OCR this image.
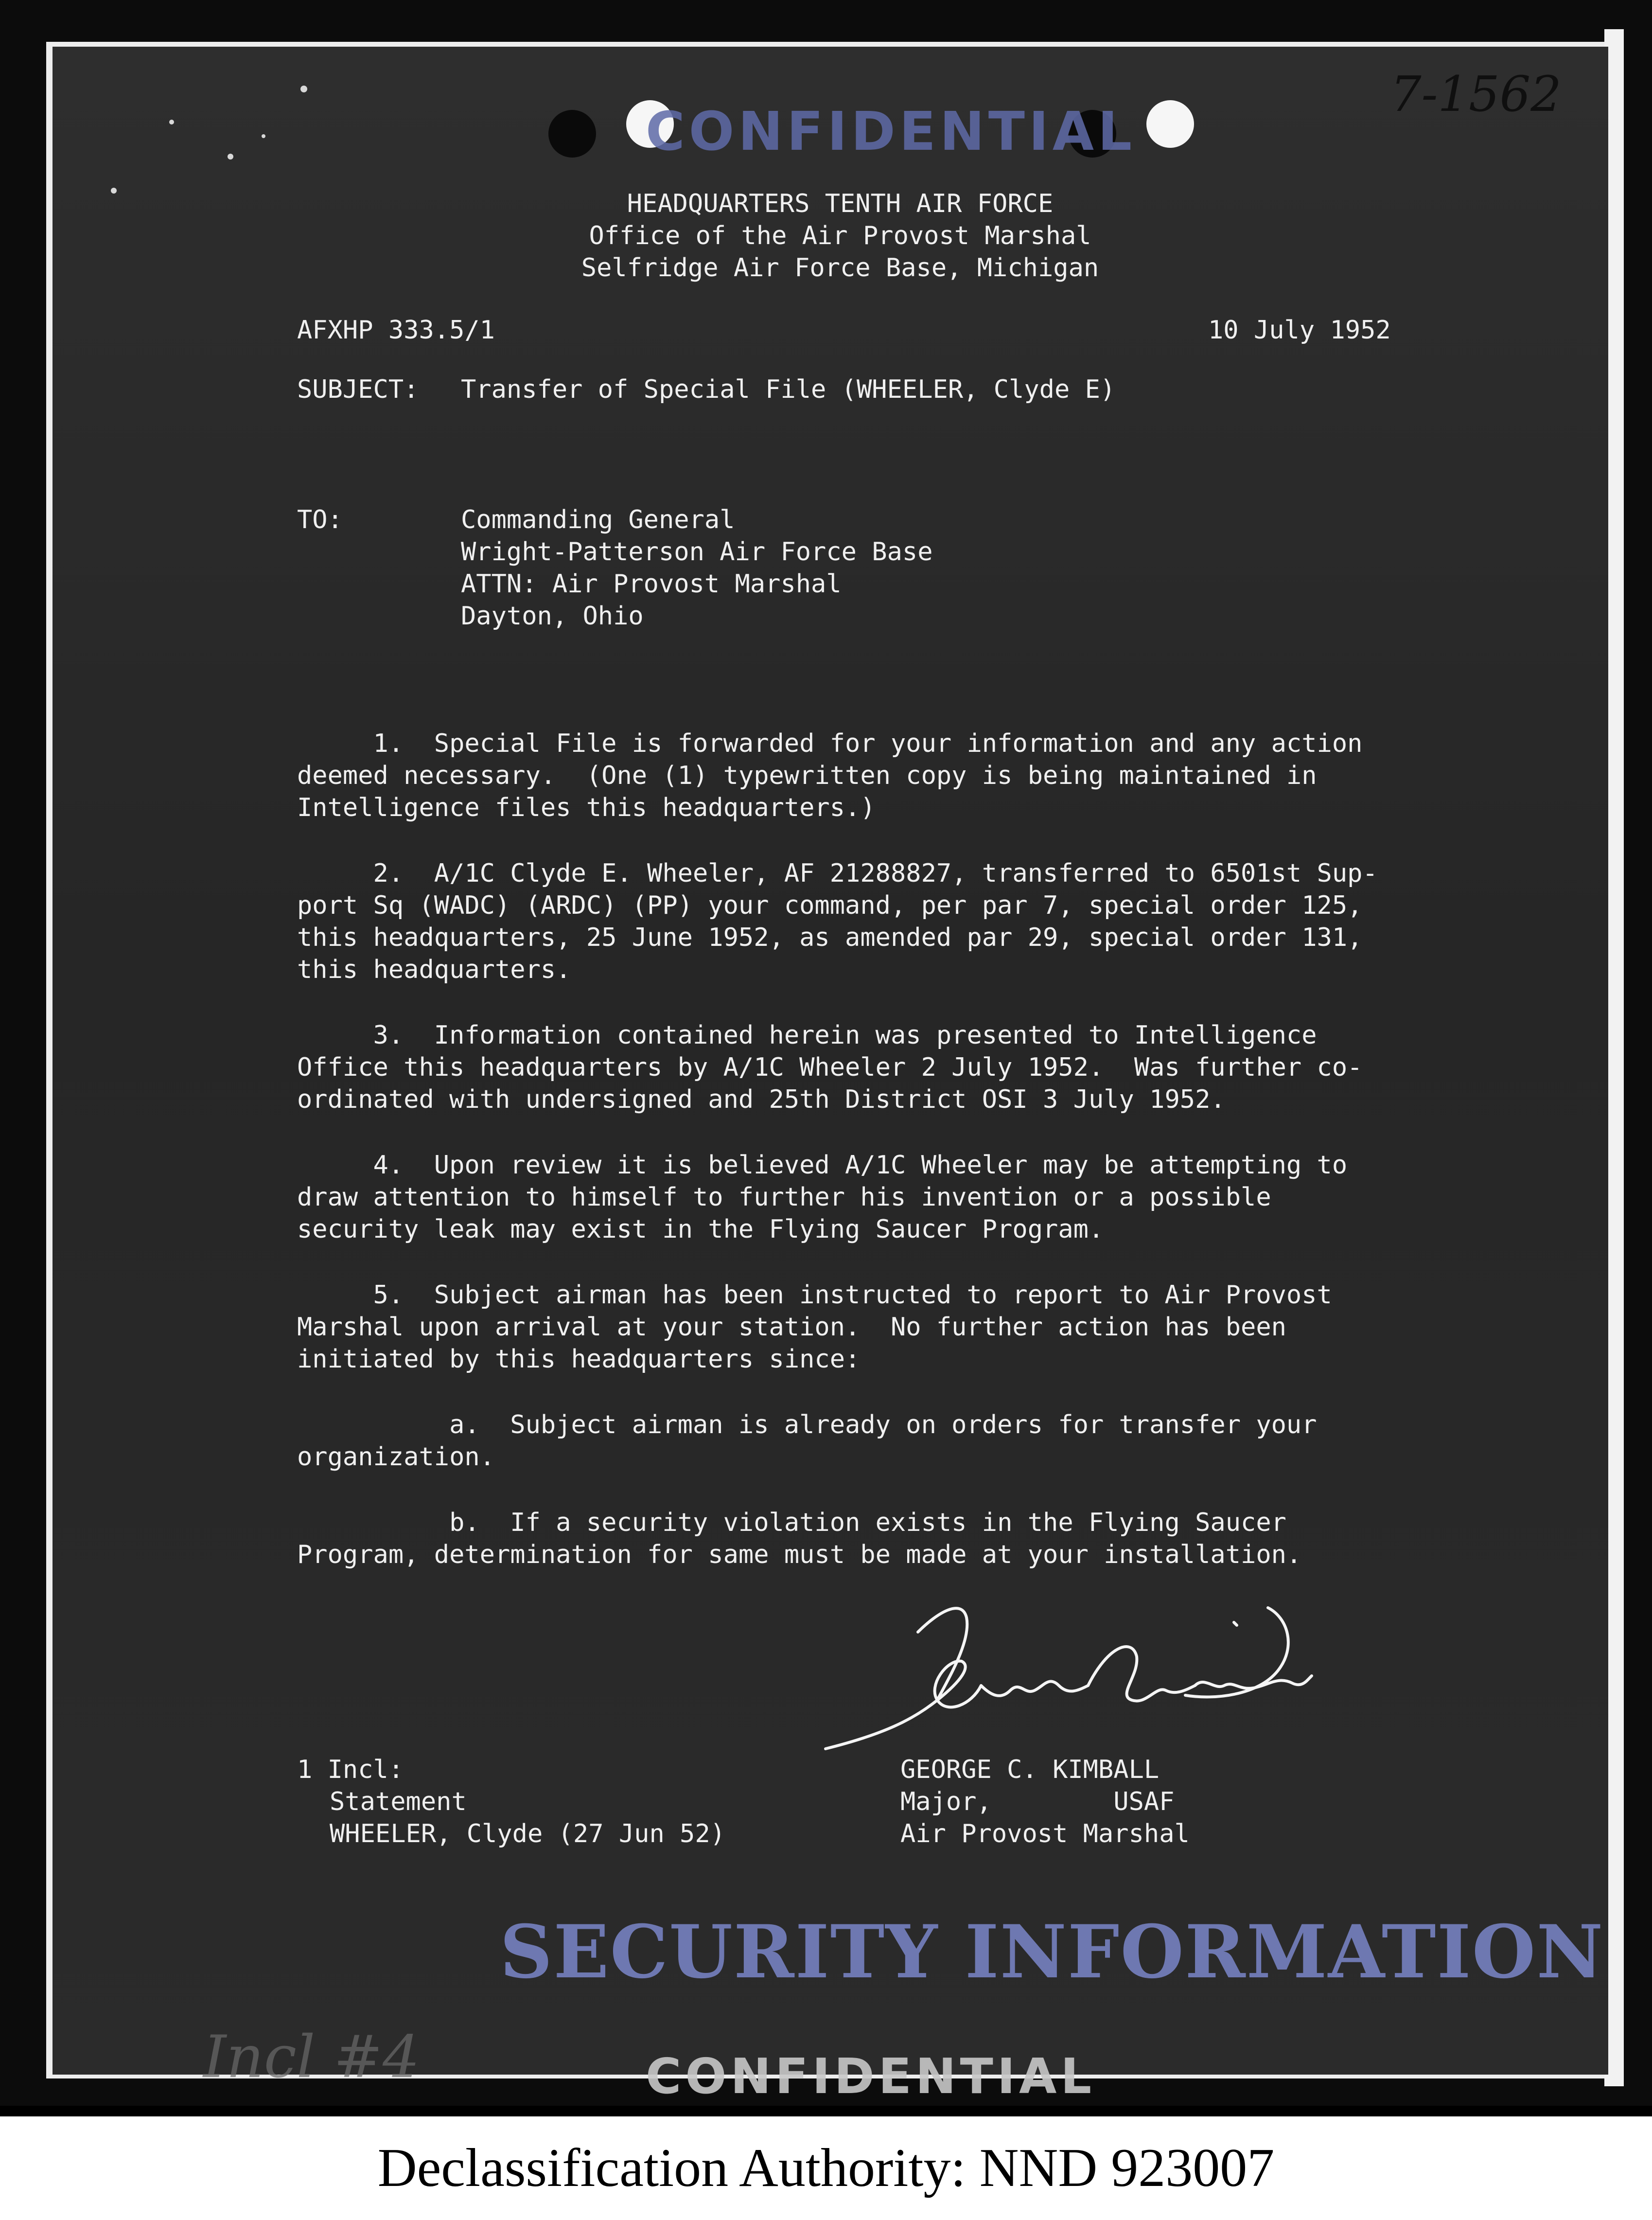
CONFIDENTIAL
HEADQUARTERS TENTH AIR FORCE
Office of the Air Provost Marshal
Selfridge Air Force Base, Michigan
AFXHP 333.5/1	10 July 1952
SUBJECT: Transfer of Special File (WHEELER, Clyde E)
TO:	Commanding General
Wright-Patterson Air Force Base
ATTN: Air Provost Marshal
Dayton, Ohio
1.  Special File is forwarded for your information and any action
deemed necessary.  (One (1) typewritten copy is being maintained in
Intelligence files this headquarters.)
2.  A/1C Clyde E. Wheeler, AF 21288827, transferred to 6501st Sup-
port Sq (WADC) (ARDC) (PP) your command, per par 7, special order 125,
this headquarters, 25 June 1952, as amended par 29, special order 131,
this headquarters.
3.  Information contained herein was presented to Intelligence
Office this headquarters by A/1C Wheeler 2 July 1952.  Was further co-
ordinated with undersigned and 25th District OSI 3 July 1952.
4.  Upon review it is believed A/1C Wheeler may be attempting to
draw attention to himself to further his invention or a possible
security leak may exist in the Flying Saucer Program.
5.  Subject airman has been instructed to report to Air Provost
Marshal upon arrival at your station.  No further action has been
initiated by this headquarters since:
a.  Subject airman is already on orders for transfer your
organization.
b.  If a security violation exists in the Flying Saucer
Program, determination for same must be made at your installation.
1 Incl:
Statement
WHEELER, Clyde (27 Jun 52)
GEORGE C. KIMBALL
Major,        USAF
Air Provost Marshal
SECURITY INFORMATION
CONFIDENTIAL
Incl #4
7-1562
Declassification Authority: NND 923007
